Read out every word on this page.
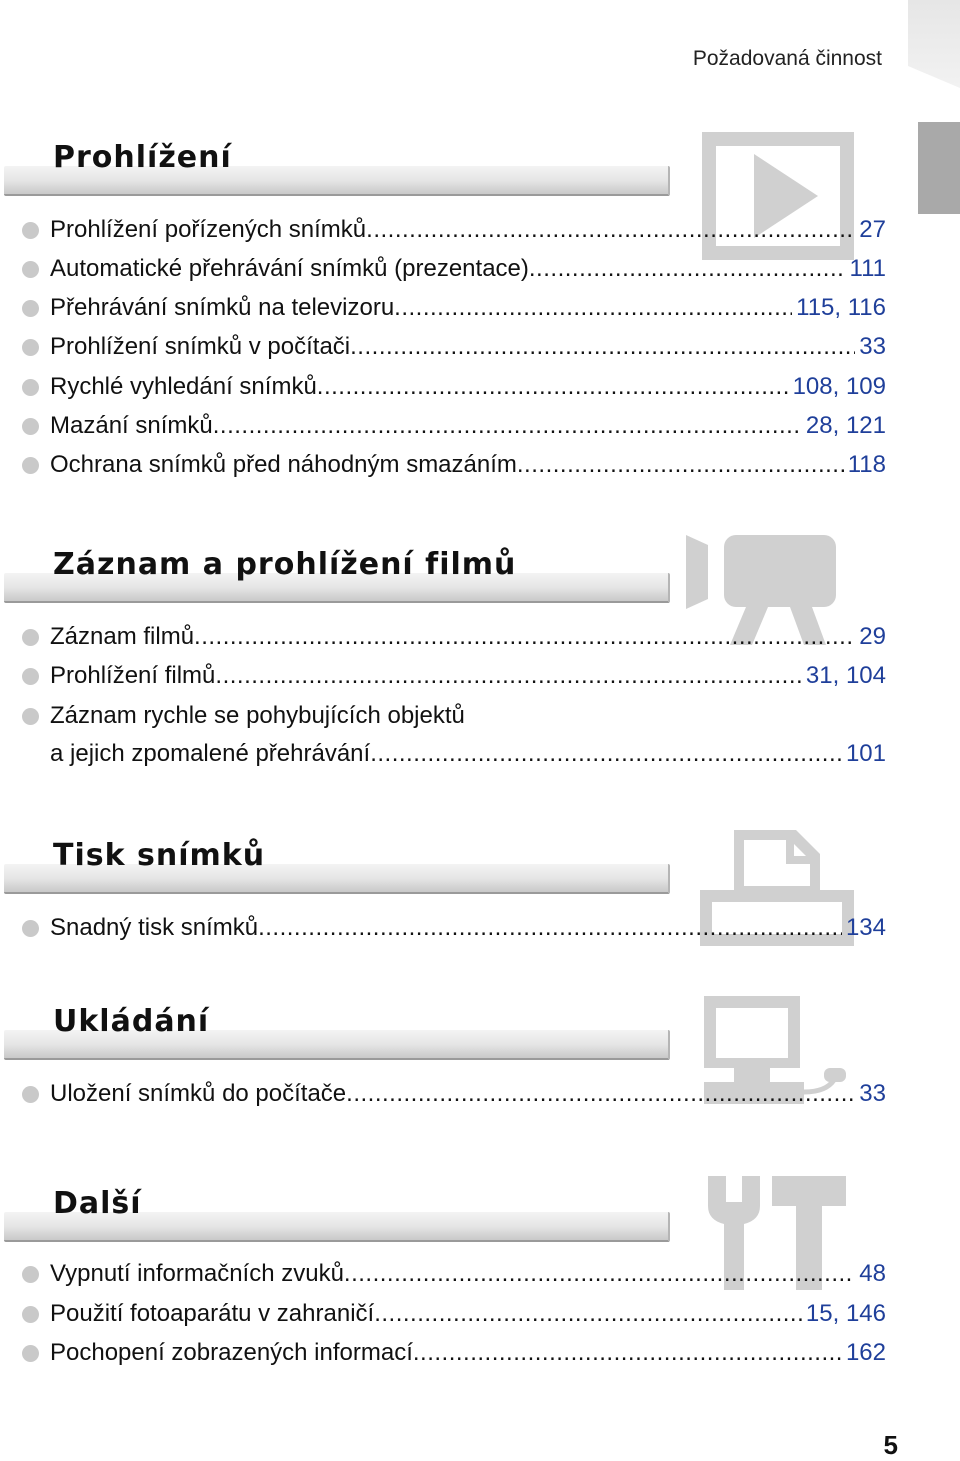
Požadovaná činnost
Prohlížení
Prohlížení pořízených snímků .....	27
Automatické přehrávání snímků (prezentace) .....	111
Přehrávání snímků na televizoru .....	115, 116
Prohlížení snímků v počítači .....	33
Rychlé vyhledání snímků .....	108, 109
Mazání snímků .....	28, 121
Ochrana snímků před náhodným smazáním .....	118
Záznam a prohlížení filmů
Záznam filmů .....	29
Prohlížení filmů .....	31, 104
Záznam rychle se pohybujících objektů
a jejich zpomalené přehrávání .....	101
Tisk snímků
Snadný tisk snímků .....	134
Ukládání
Uložení snímků do počítače .....	33
Další
Vypnutí informačních zvuků .....	48
Použití fotoaparátu v zahraničí .....	15, 146
Pochopení zobrazených informací .....	162
5
